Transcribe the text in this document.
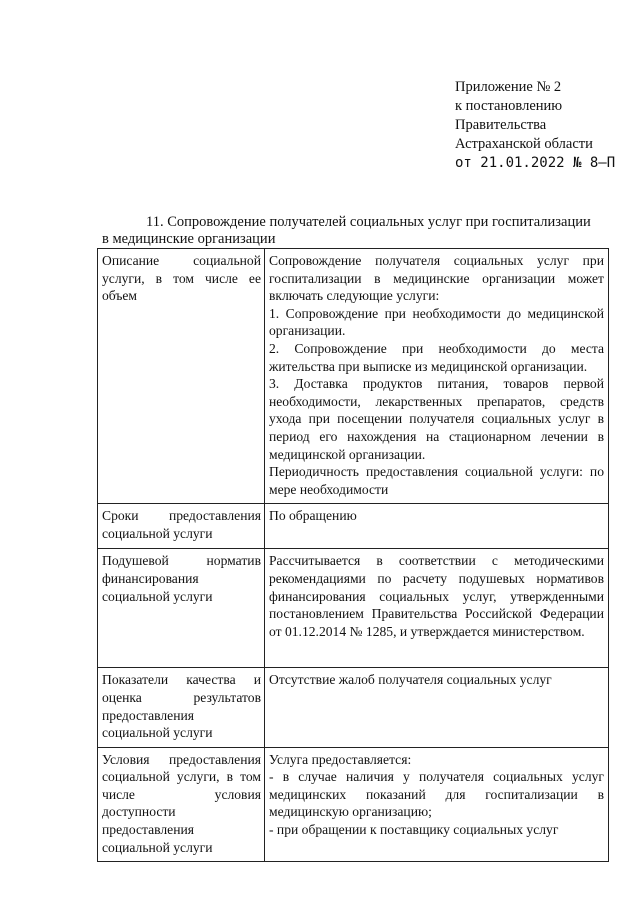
Приложение № 2
к постановлению
Правительства
Астраханской области
от 21.01.2022 № 8–П
11. Сопровождение получателей социальных услуг при госпитализации
в медицинские организации
Описание социальной услуги, в том числе ее объем	Сопровождение получателя социальных услуг при госпитализации в медицинские организации может включать следующие услуги:
1. Сопровождение при необходимости до медицинской организации.
2. Сопровождение при необходимости до места жительства при выписке из медицинской организации.
3. Доставка продуктов питания, товаров первой необходимости, лекарственных препаратов, средств ухода при посещении получателя социальных услуг в период его нахождения на стационарном лечении в медицинской организации.
Периодичность предоставления социальной услуги: по мере необходимости

Сроки предоставления социальной услуги	По обращению
Подушевой норматив финансирования социальной услуги	Рассчитывается в соответствии с методическими рекомендациями по расчету подушевых нормативов финансирования социальных услуг, утвержденными постановлением Правительства Российской Федерации от 01.12.2014 № 1285, и утверждается министерством.
Показатели качества и оценка результатов предоставления социальной услуги	Отсутствие жалоб получателя социальных услуг
Условия предоставления социальной услуги, в том числе условия доступности предоставления социальной услуги	Услуга предоставляется:
- в случае наличия у получателя социальных услуг медицинских показаний для госпитализации в медицинскую организацию;
- при обращении к поставщику социальных услуг
